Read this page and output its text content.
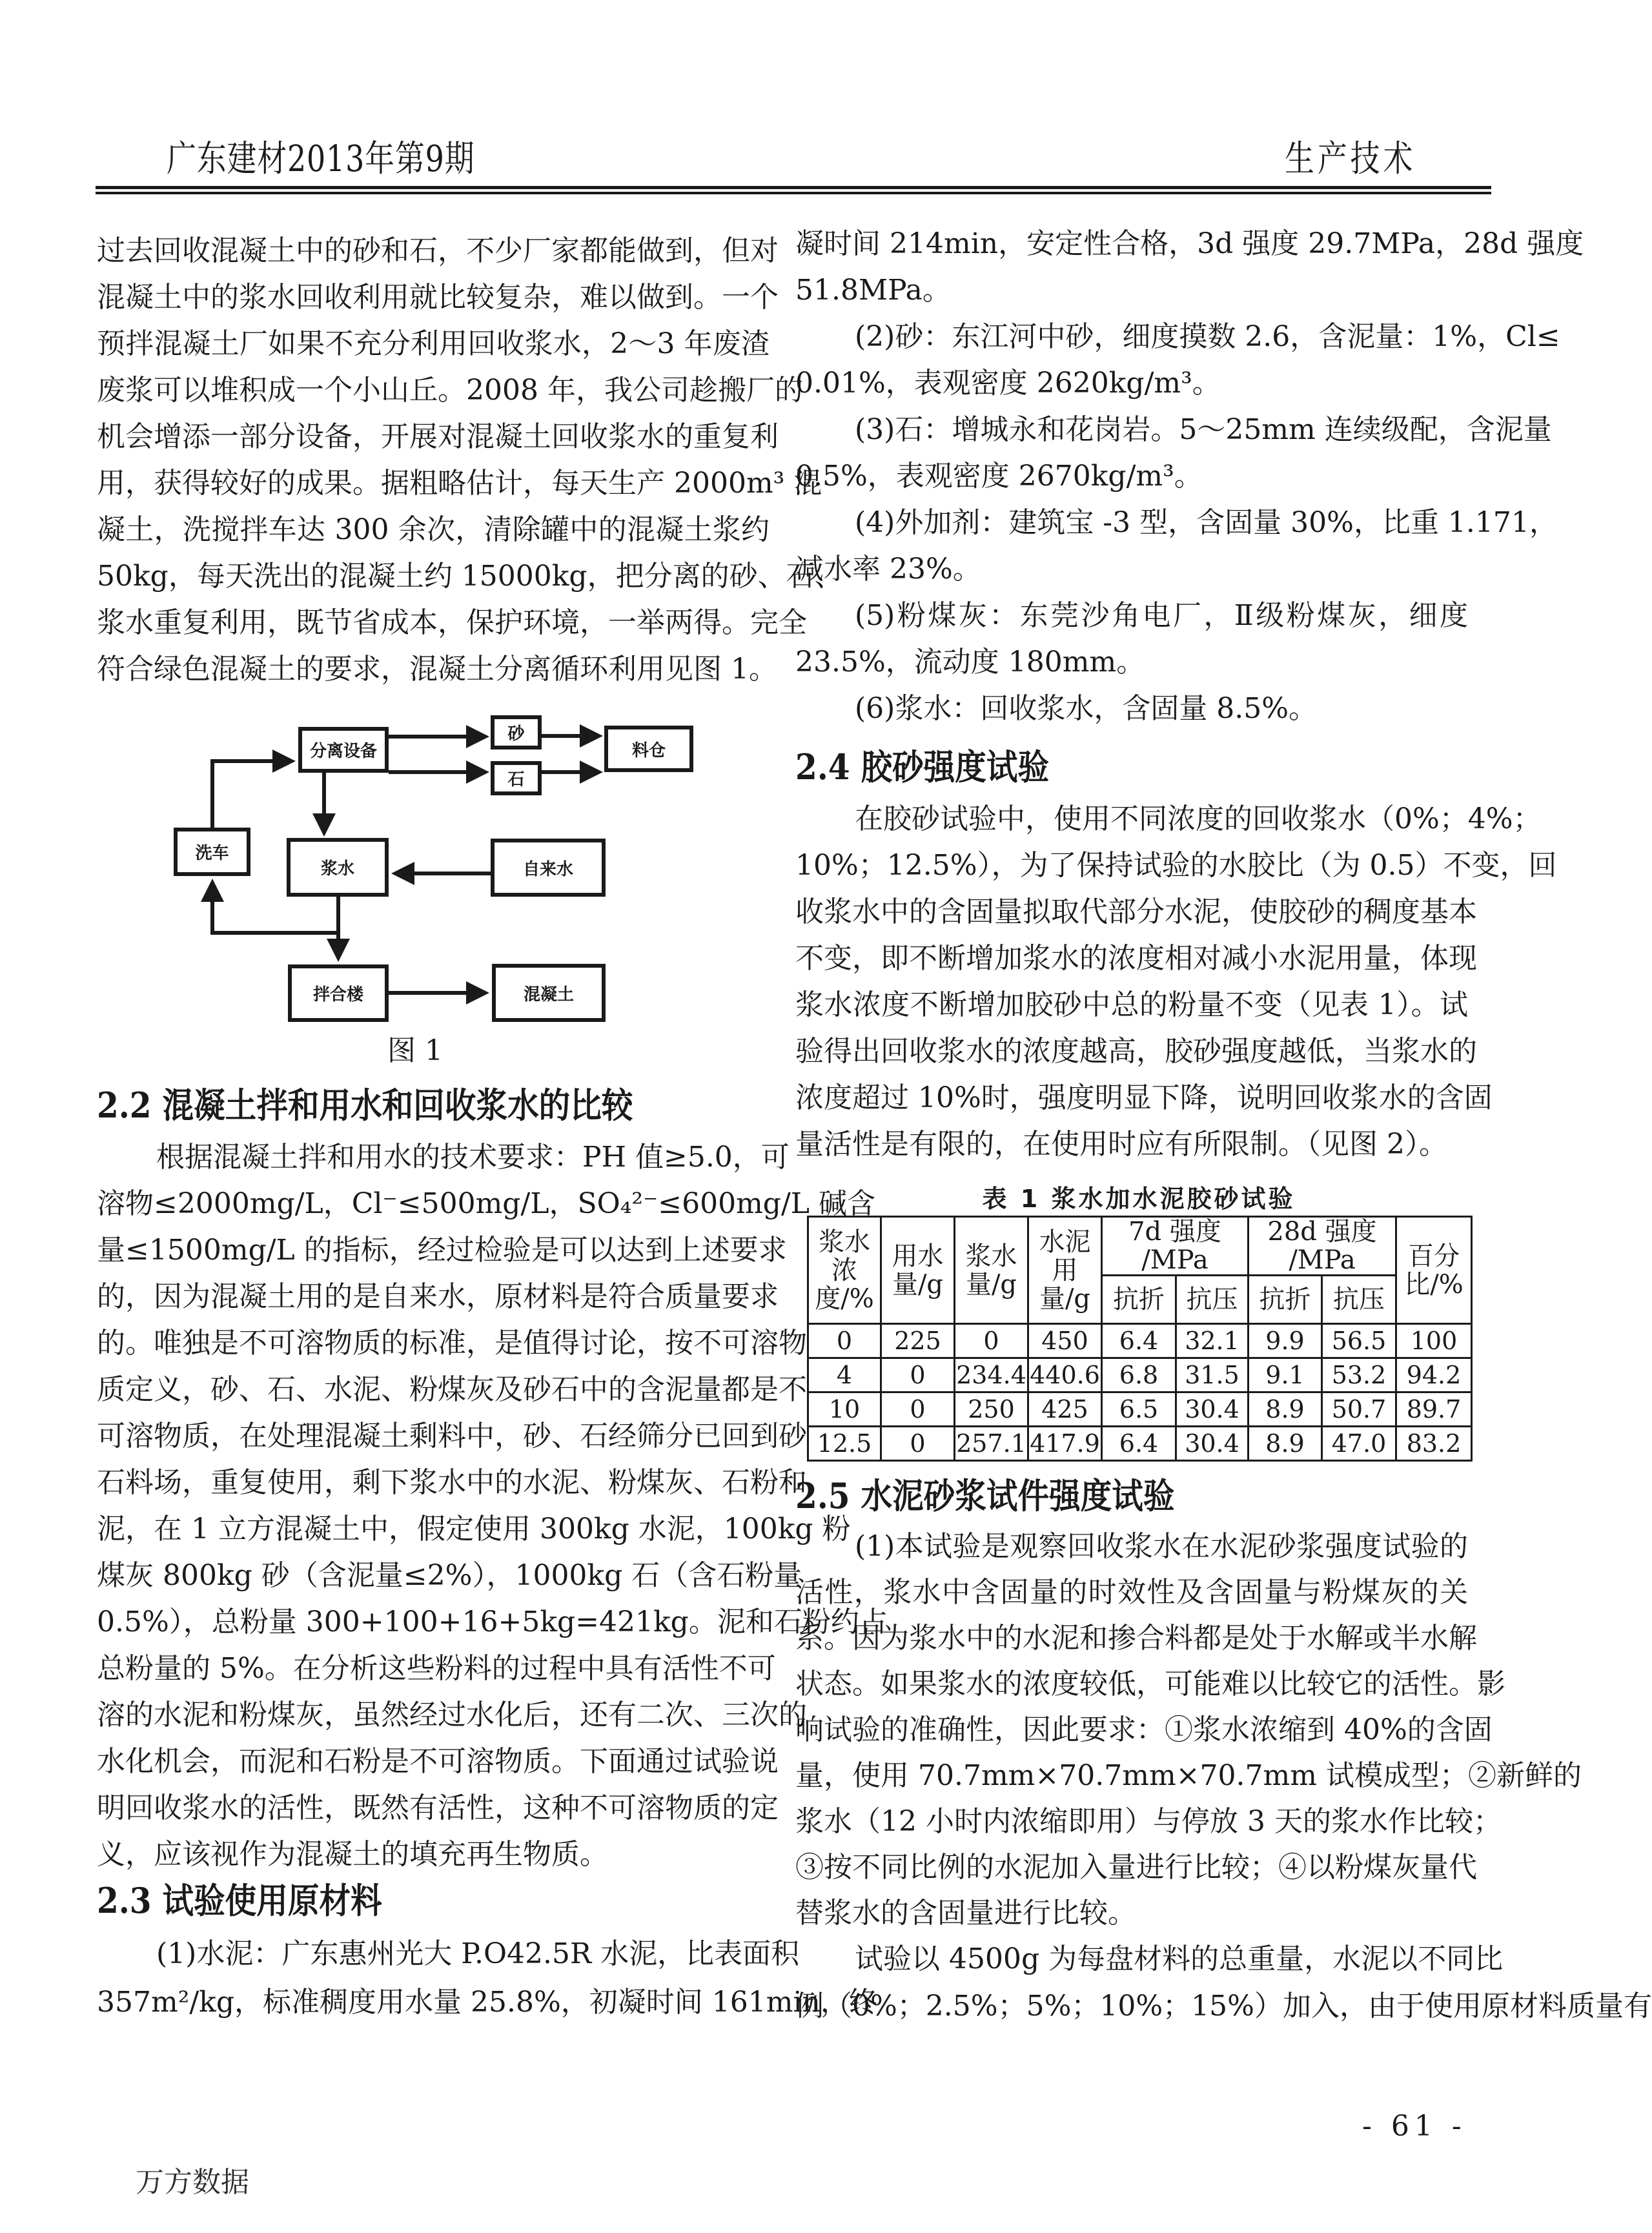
广东建材2013年第9期	生产技术
过去回收混凝土中的砂和石，不少厂家都能做到，但对
混凝土中的浆水回收利用就比较复杂，难以做到。一个
预拌混凝土厂如果不充分利用回收浆水，2～3 年废渣
废浆可以堆积成一个小山丘。2008 年，我公司趁搬厂的
机会增添一部分设备，开展对混凝土回收浆水的重复利
用，获得较好的成果。据粗略估计，每天生产 2000m³ 混
凝土，洗搅拌车达 300 余次，清除罐中的混凝土浆约
50kg，每天洗出的混凝土约 15000kg，把分离的砂、石、
浆水重复利用，既节省成本，保护环境，一举两得。完全
符合绿色混凝土的要求，混凝土分离循环利用见图 1。
洗车
分离设备
砂
石
料仓
浆水	自来水
拌合楼	混凝土
图 1
2.2 混凝土拌和用水和回收浆水的比较
根据混凝土拌和用水的技术要求：PH 值≥5.0，可
溶物≤2000mg/L，Cl⁻≤500mg/L，SO₄²⁻≤600mg/L 碱含
量≤1500mg/L 的指标，经过检验是可以达到上述要求
的，因为混凝土用的是自来水，原材料是符合质量要求
的。唯独是不可溶物质的标准，是值得讨论，按不可溶物
质定义，砂、石、水泥、粉煤灰及砂石中的含泥量都是不
可溶物质，在处理混凝土剩料中，砂、石经筛分已回到砂
石料场，重复使用，剩下浆水中的水泥、粉煤灰、石粉和
泥，在 1 立方混凝土中，假定使用 300kg 水泥，100kg 粉
煤灰 800kg 砂（含泥量≤2%），1000kg 石（含石粉量
0.5%），总粉量 300+100+16+5kg=421kg。泥和石粉约占
总粉量的 5%。在分析这些粉料的过程中具有活性不可
溶的水泥和粉煤灰，虽然经过水化后，还有二次、三次的
水化机会，而泥和石粉是不可溶物质。下面通过试验说
明回收浆水的活性，既然有活性，这种不可溶物质的定
义，应该视作为混凝土的填充再生物质。
2.3 试验使用原材料
(1)水泥：广东惠州光大 P.O42.5R 水泥，比表面积
357m²/kg，标准稠度用水量 25.8%，初凝时间 161min，终
凝时间 214min，安定性合格，3d 强度 29.7MPa，28d 强度
51.8MPa。
(2)砂：东江河中砂，细度摸数 2.6，含泥量：1%，Cl≤
0.01%，表观密度 2620kg/m³。
(3)石：增城永和花岗岩。5～25mm 连续级配，含泥量
0.5%，表观密度 2670kg/m³。
(4)外加剂：建筑宝 -3 型，含固量 30%，比重 1.171，
减水率 23%。
(5)粉煤灰：东莞沙角电厂，Ⅱ级粉煤灰，细度
23.5%，流动度 180mm。
(6)浆水：回收浆水，含固量 8.5%。
2.4 胶砂强度试验
在胶砂试验中，使用不同浓度的回收浆水（0%；4%；
10%；12.5%），为了保持试验的水胶比（为 0.5）不变，回
收浆水中的含固量拟取代部分水泥，使胶砂的稠度基本
不变，即不断增加浆水的浓度相对减小水泥用量，体现
浆水浓度不断增加胶砂中总的粉量不变（见表 1）。试
验得出回收浆水的浓度越高，胶砂强度越低，当浆水的
浓度超过 10%时，强度明显下降，说明回收浆水的含固
量活性是有限的，在使用时应有所限制。（见图 2）。
2.5 水泥砂浆试件强度试验
(1)本试验是观察回收浆水在水泥砂浆强度试验的
活性，浆水中含固量的时效性及含固量与粉煤灰的关
系。因为浆水中的水泥和掺合料都是处于水解或半水解
状态。如果浆水的浓度较低，可能难以比较它的活性。影
响试验的准确性，因此要求：①浆水浓缩到 40%的含固
量，使用 70.7mm×70.7mm×70.7mm 试模成型；②新鲜的
浆水（12 小时内浓缩即用）与停放 3 天的浆水作比较；
③按不同比例的水泥加入量进行比较；④以粉煤灰量代
替浆水的含固量进行比较。
试验以 4500g 为每盘材料的总重量，水泥以不同比
例（0%；2.5%；5%；10%；15%）加入，由于使用原材料质量有
表 1 浆水加水泥胶砂试验
浆水浓度/%	用水量/g	浆水量/g	水泥用量/g	7d 强度 /MPa	28d 强度 /MPa	百分比/%
抗折	抗压	抗折	抗压
0	225	0	450	6.4	32.1	9.9	56.5	100
4	0	234.4	440.6	6.8	31.5	9.1	53.2	94.2
10	0	250	425	6.5	30.4	8.9	50.7	89.7
12.5	0	257.1	417.9	6.4	30.4	8.9	47.0	83.2
- 61 -
万方数据
